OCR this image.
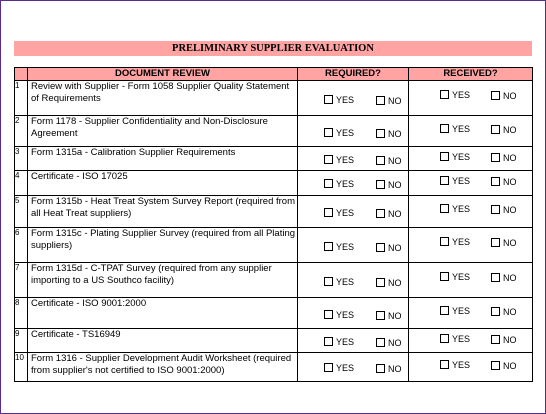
PRELIMINARY SUPPLIER EVALUATION
	DOCUMENT REVIEW	REQUIRED?	RECEIVED?
1	Review with Supplier - Form 1058 Supplier Quality Statement of Requirements	YES NO	YES NO

2	Form 1178 - Supplier Confidentiality and Non-Disclosure Agreement	YES NO	YES NO

3	Form 1315a - Calibration Supplier Requirements	YES NO	YES NO

4	Certificate - ISO 17025	YES NO	YES NO

5	Form 1315b - Heat Treat System Survey Report (required from all Heat Treat suppliers)	YES NO	YES NO

6	Form 1315c - Plating Supplier Survey (required from all Plating suppliers)	YES NO	YES NO

7	Form 1315d - C-TPAT Survey (required from any supplier importing to a US Southco facility)	YES NO	YES NO

8	Certificate - ISO 9001:2000	YES NO	YES NO

9	Certificate - TS16949	YES NO	YES NO

10	Form 1316 - Supplier Development Audit Worksheet (required from supplier's not certified to ISO 9001:2000)	YES NO	YES NO
